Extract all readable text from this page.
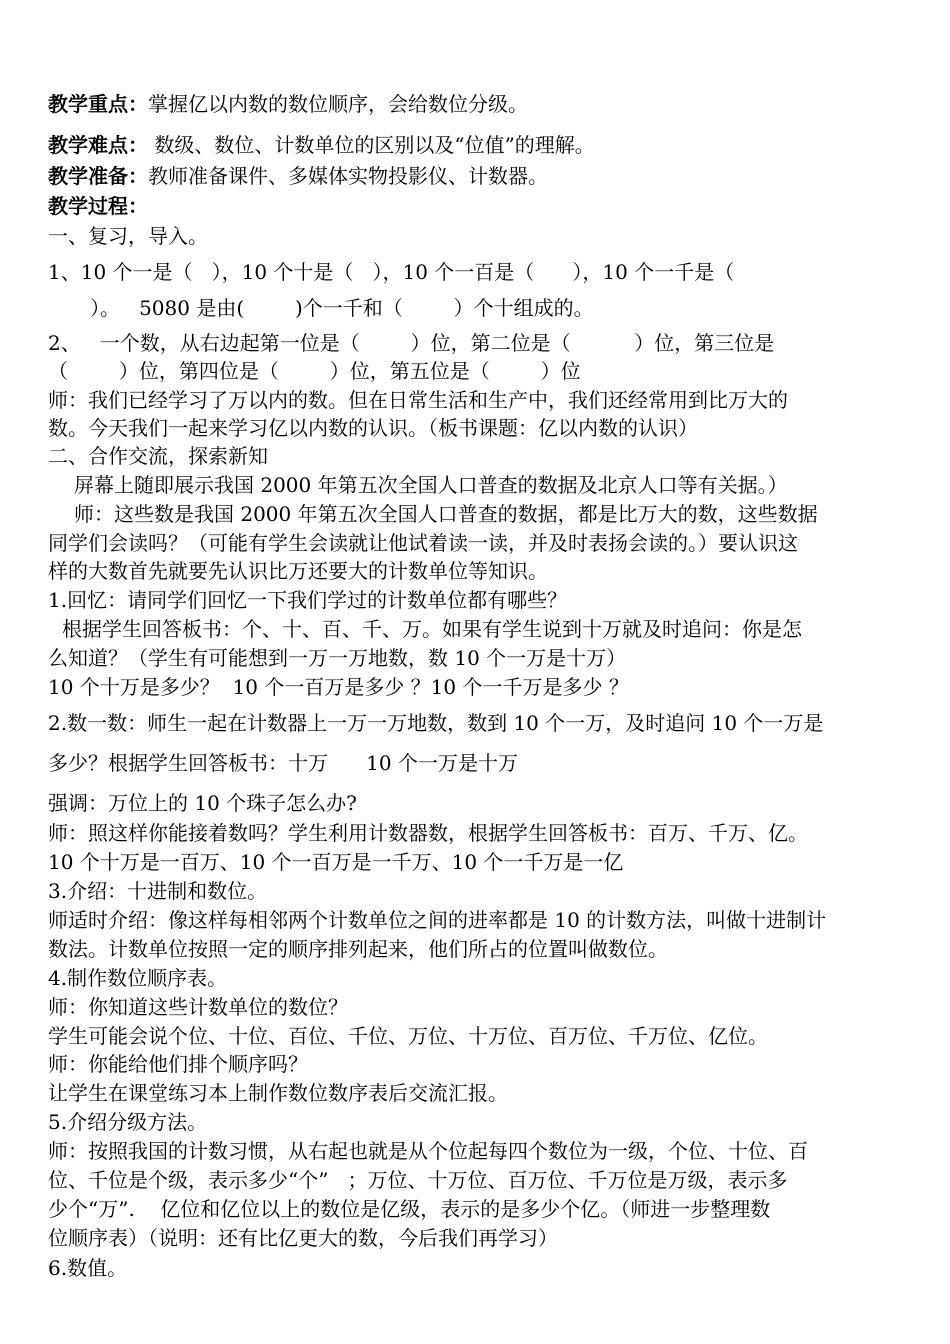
教学重点：掌握亿以内数的数位顺序，会给数位分级。
教学难点： 数级、数位、计数单位的区别以及“位值”的理解。
教学准备：教师准备课件、多媒体实物投影仪、计数器。
教学过程：
一、复习，导入。
1、10 个一是（   ），10 个十是（   ），10 个一百是（      ），10 个一千是（
）。   5080 是由(        )个一千和（        ）个十组成的。
2、   一个数，从右边起第一位是（        ）位，第二位是（          ）位，第三位是
（        ）位，第四位是（        ）位，第五位是（        ）位
师：我们已经学习了万以内的数。但在日常生活和生产中，我们还经常用到比万大的
数。今天我们一起来学习亿以内数的认识。（板书课题：亿以内数的认识）
二、合作交流，探索新知
屏幕上随即展示我国 2000 年第五次全国人口普查的数据及北京人口等有关据。）
师：这些数是我国 2000 年第五次全国人口普查的数据，都是比万大的数，这些数据
同学们会读吗？（可能有学生会读就让他试着读一读，并及时表扬会读的。）要认识这
样的大数首先就要先认识比万还要大的计数单位等知识。
1.回忆：请同学们回忆一下我们学过的计数单位都有哪些？
根据学生回答板书：个、十、百、千、万。如果有学生说到十万就及时追问：你是怎
么知道？（学生有可能想到一万一万地数，数 10 个一万是十万）
10 个十万是多少？  10 个一百万是多少 ？10 个一千万是多少 ？
2.数一数：师生一起在计数器上一万一万地数，数到 10 个一万，及时追问 10 个一万是
多少？根据学生回答板书：十万      10 个一万是十万
强调：万位上的 10 个珠子怎么办?
师：照这样你能接着数吗？学生利用计数器数，根据学生回答板书：百万、千万、亿。
10 个十万是一百万、10 个一百万是一千万、10 个一千万是一亿
3.介绍：十进制和数位。
师适时介绍：像这样每相邻两个计数单位之间的进率都是 10 的计数方法，叫做十进制计
数法。计数单位按照一定的顺序排列起来，他们所占的位置叫做数位。
4.制作数位顺序表。
师：你知道这些计数单位的数位？
学生可能会说个位、十位、百位、千位、万位、十万位、百万位、千万位、亿位。
师：你能给他们排个顺序吗？
让学生在课堂练习本上制作数位数序表后交流汇报。
5.介绍分级方法。
师：按照我国的计数习惯，从右起也就是从个位起每四个数位为一级，个位、十位、百
位、千位是个级，表示多少“个”   ；万位、十万位、百万位、千万位是万级，表示多
少个“万”.    亿位和亿位以上的数位是亿级，表示的是多少个亿。（师进一步整理数
位顺序表）（说明：还有比亿更大的数，今后我们再学习）
6.数值。
